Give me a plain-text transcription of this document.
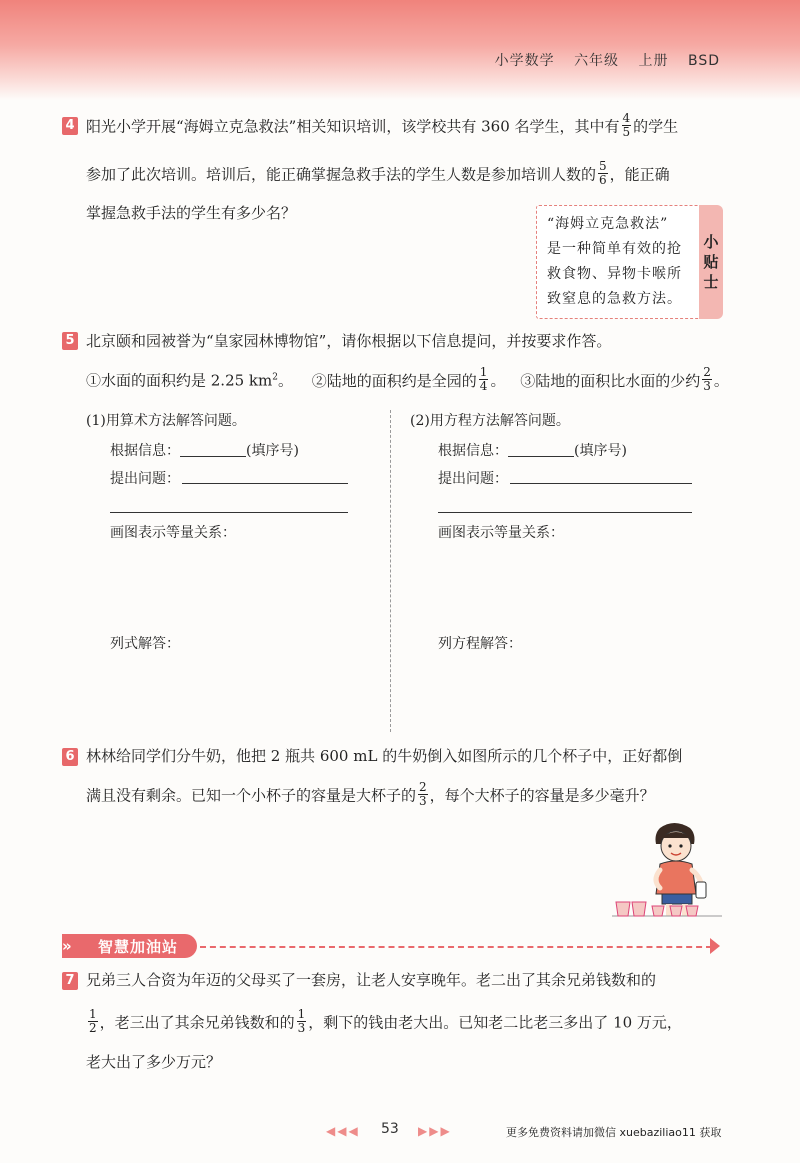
小学数学 六年级 上册 BSD
4 阳光小学开展“海姆立克急救法”相关知识培训，该学校共有 360 名学生，其中有 $\frac{4}{5}$ 的学生
参加了此次培训。培训后，能正确掌握急救手法的学生人数是参加培训人数的 $\frac{5}{6}$ ，能正确
掌握急救手法的学生有多少名？
“海姆立克急救法”
是一种简单有效的抢
救食物、异物卡喉所
致窒息的急救方法。
小
贴
士
5 北京颐和园被誉为“皇家园林博物馆”，请你根据以下信息提问，并按要求作答。
①水面的面积约是 2.25 $km^2$。 ②陆地的面积约是全园的 $\frac{1}{4}$ 。 ③陆地的面积比水面的少约 $\frac{2}{3}$ 。
(1)用算术方法解答问题。
根据信息：	(填序号)
提出问题：
画图表示等量关系：
列式解答：
(2)用方程方法解答问题。
根据信息：	(填序号)
提出问题：
画图表示等量关系：
列方程解答：
6 林林给同学们分牛奶，他把 2 瓶共 600 mL 的牛奶倒入如图所示的几个杯子中，正好都倒
满且没有剩余。已知一个小杯子的容量是大杯子的 $\frac{2}{3}$ ，每个大杯子的容量是多少毫升？
» 智慧加油站
7 兄弟三人合资为年迈的父母买了一套房，让老人安享晚年。老二出了其余兄弟钱数和的
$\frac{1}{2}$ ，老三出了其余兄弟钱数和的 $\frac{1}{3}$ ，剩下的钱由老大出。已知老二比老三多出了 10 万元，
老大出了多少万元？
◀◀◀ 53 ▶▶▶	更多免费资料请加微信 xuebaziliao11 获取
